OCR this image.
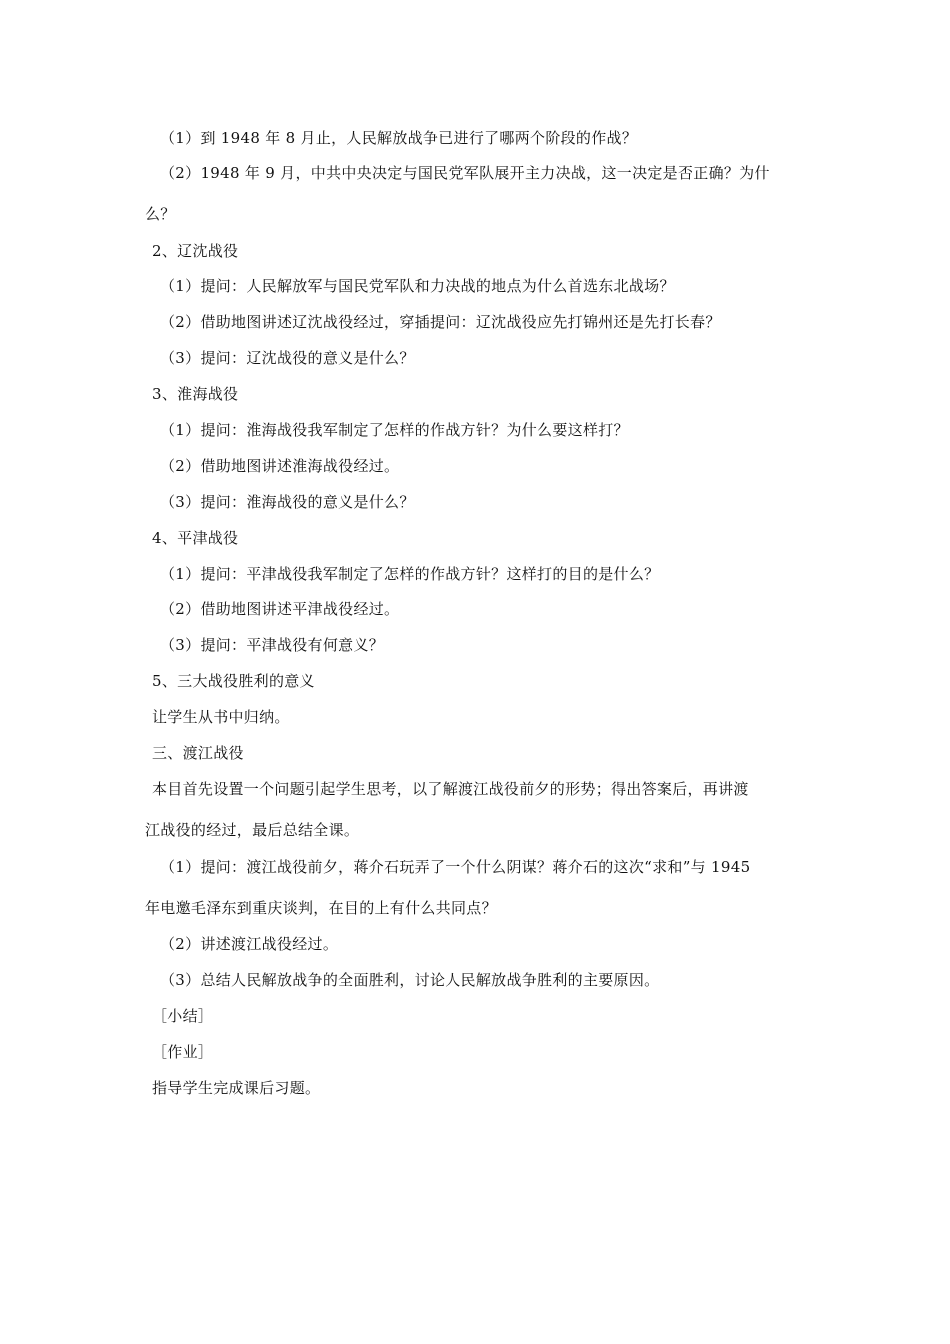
（1）到 1948 年 8 月止，人民解放战争已进行了哪两个阶段的作战？
（2）1948 年 9 月，中共中央决定与国民党军队展开主力决战，这一决定是否正确？为什
么？
2、辽沈战役
（1）提问：人民解放军与国民党军队和力决战的地点为什么首选东北战场？
（2）借助地图讲述辽沈战役经过，穿插提问：辽沈战役应先打锦州还是先打长春？
（3）提问：辽沈战役的意义是什么？
3、淮海战役
（1）提问：淮海战役我军制定了怎样的作战方针？为什么要这样打？
（2）借助地图讲述淮海战役经过。
（3）提问：淮海战役的意义是什么？
4、平津战役
（1）提问：平津战役我军制定了怎样的作战方针？这样打的目的是什么？
（2）借助地图讲述平津战役经过。
（3）提问：平津战役有何意义？
5、三大战役胜利的意义
让学生从书中归纳。
三、渡江战役
本目首先设置一个问题引起学生思考，以了解渡江战役前夕的形势；得出答案后，再讲渡
江战役的经过，最后总结全课。
（1）提问：渡江战役前夕，蒋介石玩弄了一个什么阴谋？蒋介石的这次“求和”与 1945
年电邀毛泽东到重庆谈判，在目的上有什么共同点？
（2）讲述渡江战役经过。
（3）总结人民解放战争的全面胜利，讨论人民解放战争胜利的主要原因。
［小结］
［作业］
指导学生完成课后习题。
